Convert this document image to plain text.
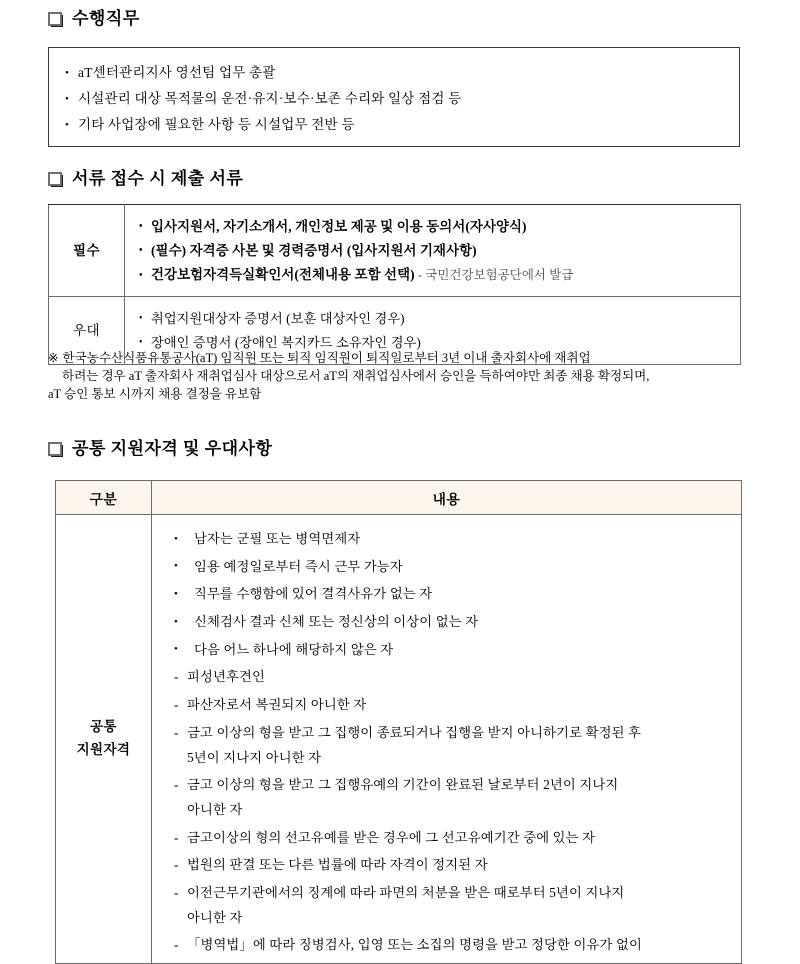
수행직무
• aT센터관리지사 영선팀 업무 총괄
• 시설관리 대상 목적물의 운전·유지·보수·보존 수리와 일상 점검 등
• 기타 사업장에 필요한 사항 등 시설업무 전반 등
서류 접수 시 제출 서류
필수	
• 입사지원서, 자기소개서, 개인정보 제공 및 이용 동의서(자사양식)
• (필수) 자격증 사본 및 경력증명서 (입사지원서 기재사항)
• 건강보험자격득실확인서(전체내용 포함 선택) - 국민건강보험공단에서 발급

우대	
• 취업지원대상자 증명서 (보훈 대상자인 경우)
• 장애인 증명서 (장애인 복지카드 소유자인 경우)
※ 한국농수산식품유통공사(aT) 임직원 또는 퇴직 임직원이 퇴직일로부터 3년 이내 출자회사에 재취업
하려는 경우 aT 출자회사 재취업심사 대상으로서 aT의 재취업심사에서 승인을 득하여야만 최종 채용 확정되며,
aT 승인 통보 시까지 채용 결정을 유보함
공통 지원자격 및 우대사항
구분	내용
공통
지원자격	
• 남자는 군필 또는 병역면제자
• 임용 예정일로부터 즉시 근무 가능자
• 직무를 수행함에 있어 결격사유가 없는 자
• 신체검사 결과 신체 또는 정신상의 이상이 없는 자
• 다음 어느 하나에 해당하지 않은 자
- 피성년후견인
- 파산자로서 복권되지 아니한 자
- 금고 이상의 형을 받고 그 집행이 종료되거나 집행을 받지 아니하기로 확정된 후
5년이 지나지 아니한 자
- 금고 이상의 형을 받고 그 집행유예의 기간이 완료된 날로부터 2년이 지나지
아니한 자
- 금고이상의 형의 선고유예를 받은 경우에 그 선고유예기간 중에 있는 자
- 법원의 판결 또는 다른 법률에 따라 자격이 정지된 자
- 이전근무기관에서의 징계에 따라 파면의 처분을 받은 때로부터 5년이 지나지
아니한 자
- 「병역법」에 따라 징병검사, 입영 또는 소집의 명령을 받고 정당한 이유가 없이
